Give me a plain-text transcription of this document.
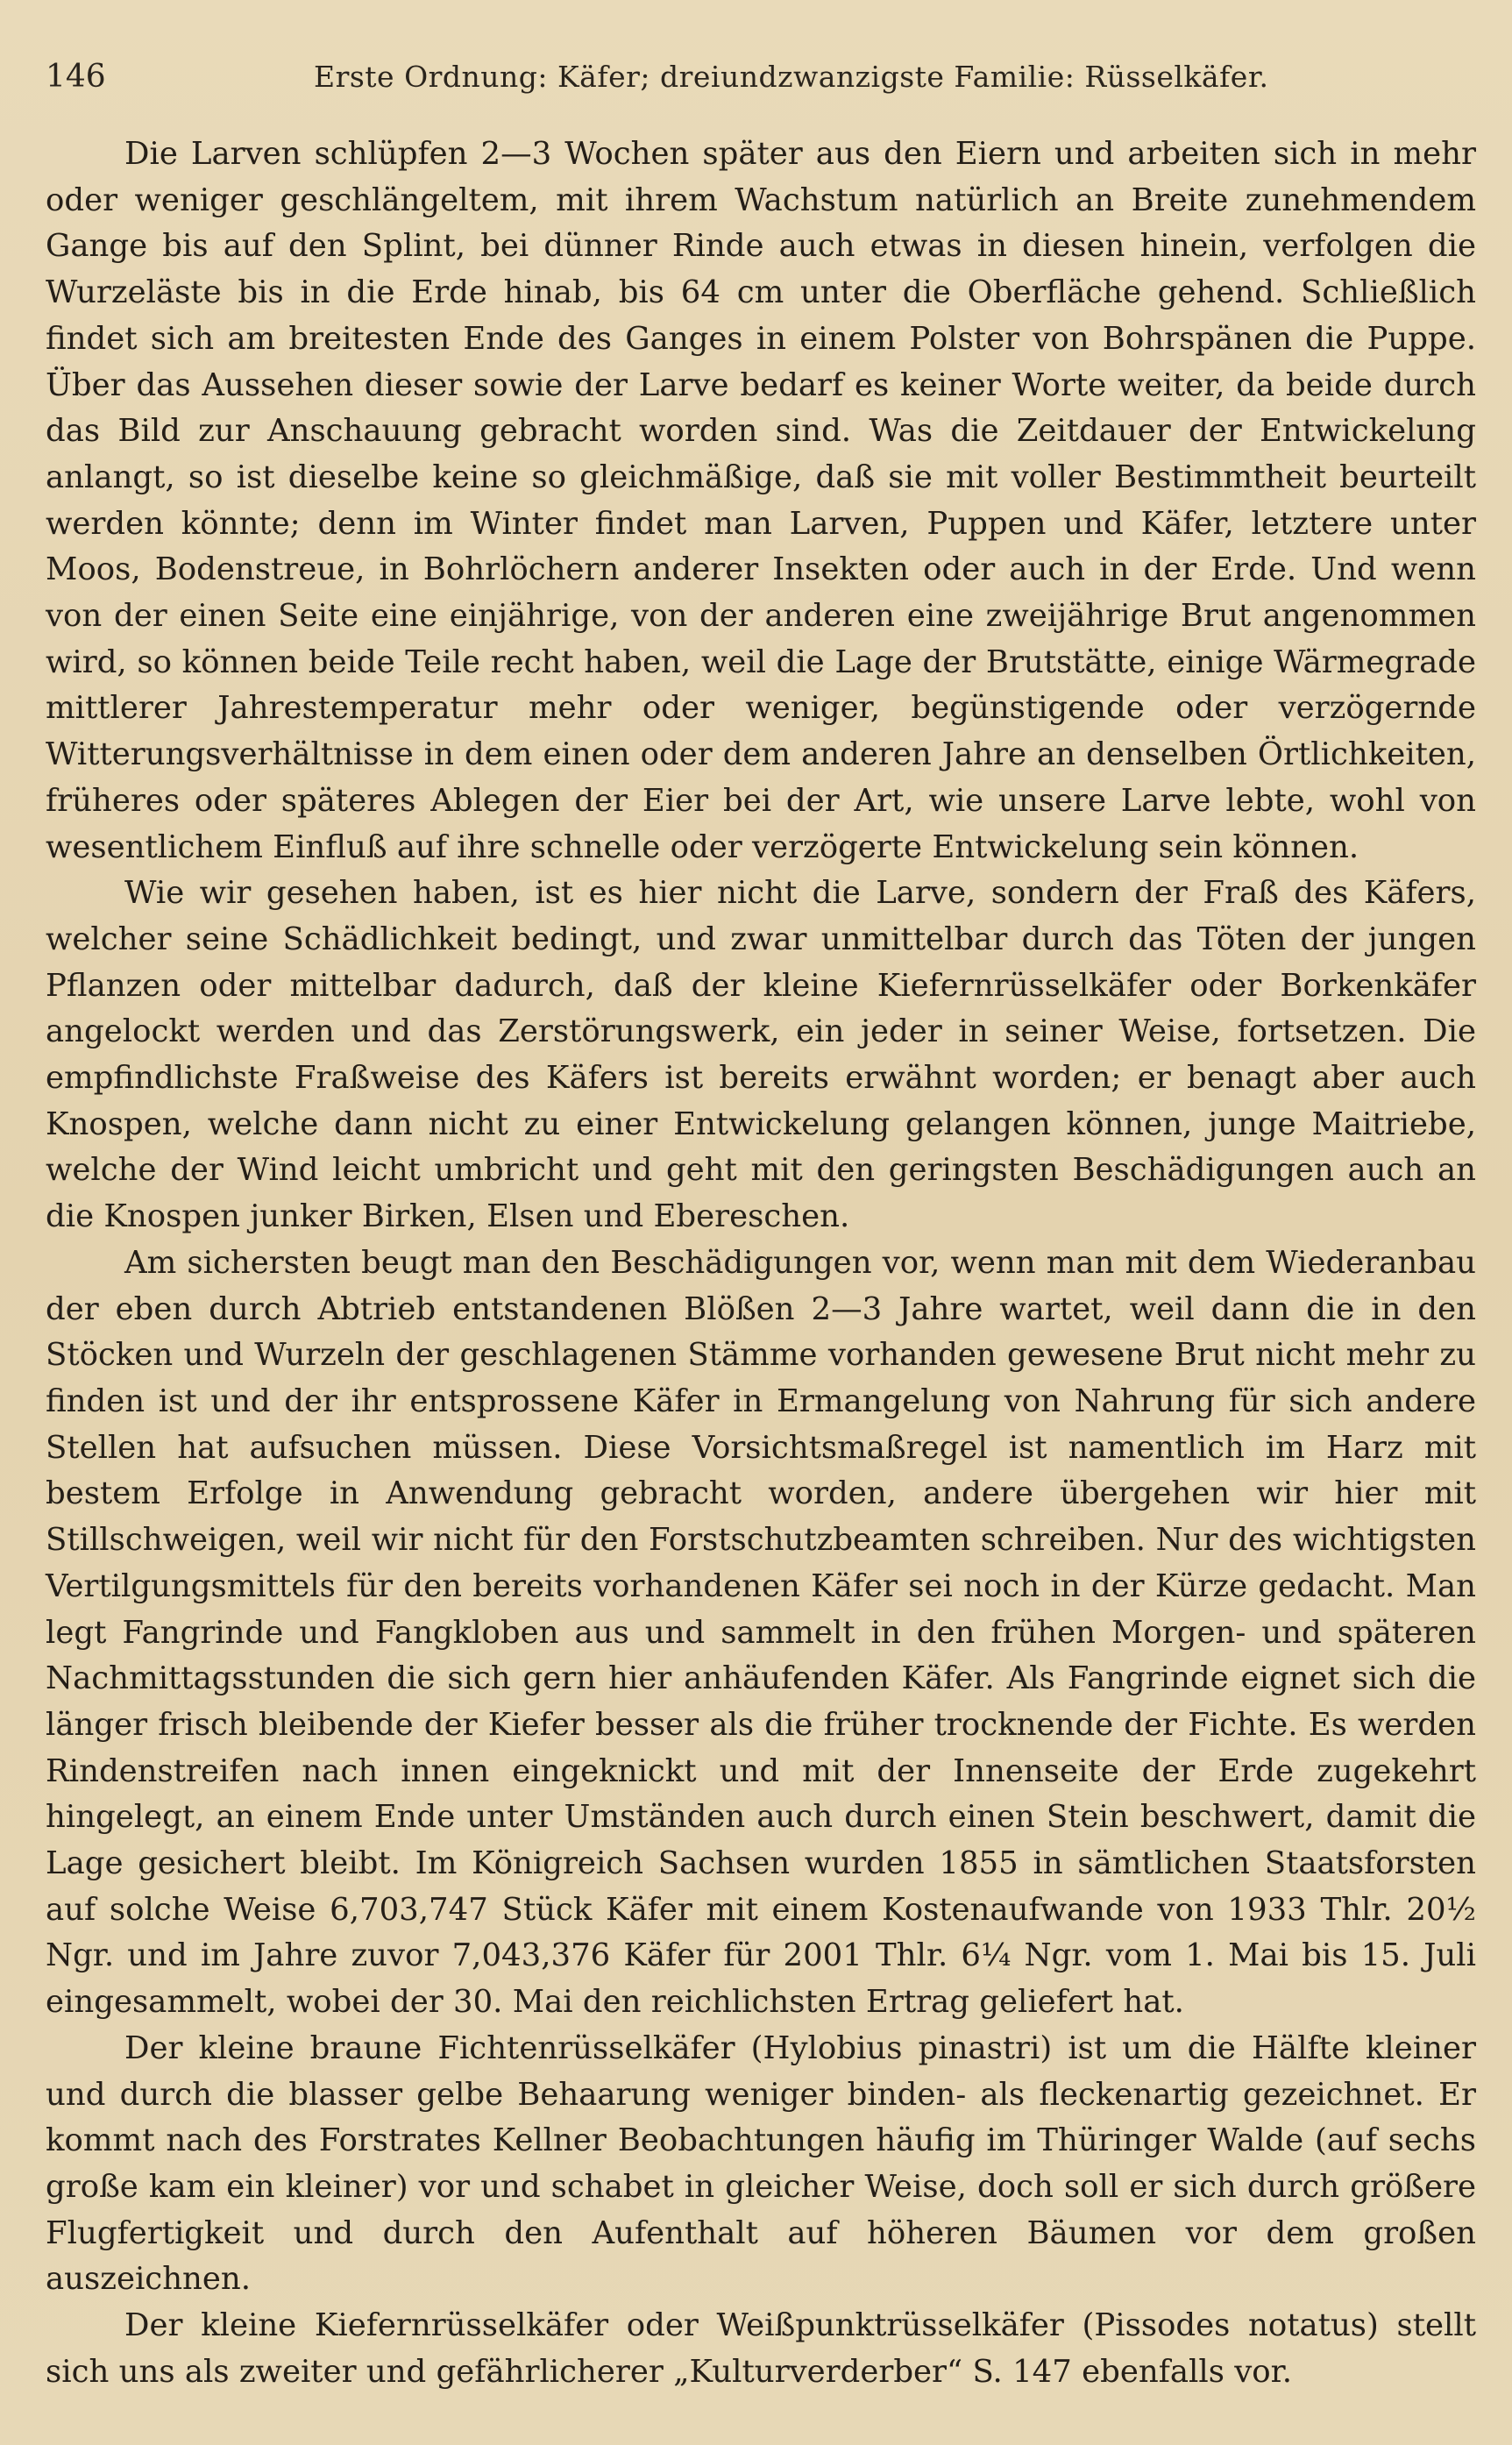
146	Erste Ordnung: Käfer; dreiundzwanzigste Familie: Rüsselkäfer.

Die Larven schlüpfen 2—3 Wochen später aus den Eiern und arbeiten sich in mehr oder weniger geschlängeltem, mit ihrem Wachstum natürlich an Breite zunehmendem Gange bis auf den Splint, bei dünner Rinde auch etwas in diesen hinein, verfolgen die Wurzeläste bis in die Erde hinab, bis 64 cm unter die Oberfläche gehend. Schließlich findet sich am breitesten Ende des Ganges in einem Polster von Bohrspänen die Puppe. Über das Aussehen dieser sowie der Larve bedarf es keiner Worte weiter, da beide durch das Bild zur Anschauung gebracht worden sind. Was die Zeitdauer der Entwickelung anlangt, so ist dieselbe keine so gleichmäßige, daß sie mit voller Bestimmtheit beurteilt werden könnte; denn im Winter findet man Larven, Puppen und Käfer, letztere unter Moos, Bodenstreue, in Bohrlöchern anderer Insekten oder auch in der Erde. Und wenn von der einen Seite eine einjährige, von der anderen eine zweijährige Brut angenommen wird, so können beide Teile recht haben, weil die Lage der Brutstätte, einige Wärmegrade mittlerer Jahrestemperatur mehr oder weniger, begünstigende oder verzögernde Witterungsverhältnisse in dem einen oder dem anderen Jahre an denselben Örtlichkeiten, früheres oder späteres Ablegen der Eier bei der Art, wie unsere Larve lebte, wohl von wesentlichem Einfluß auf ihre schnelle oder verzögerte Entwickelung sein können.

Wie wir gesehen haben, ist es hier nicht die Larve, sondern der Fraß des Käfers, welcher seine Schädlichkeit bedingt, und zwar unmittelbar durch das Töten der jungen Pflanzen oder mittelbar dadurch, daß der kleine Kiefernrüsselkäfer oder Borkenkäfer angelockt werden und das Zerstörungswerk, ein jeder in seiner Weise, fortsetzen. Die empfindlichste Fraßweise des Käfers ist bereits erwähnt worden; er benagt aber auch Knospen, welche dann nicht zu einer Entwickelung gelangen können, junge Maitriebe, welche der Wind leicht umbricht und geht mit den geringsten Beschädigungen auch an die Knospen junker Birken, Elsen und Ebereschen.

Am sichersten beugt man den Beschädigungen vor, wenn man mit dem Wiederanbau der eben durch Abtrieb entstandenen Blößen 2—3 Jahre wartet, weil dann die in den Stöcken und Wurzeln der geschlagenen Stämme vorhanden gewesene Brut nicht mehr zu finden ist und der ihr entsprossene Käfer in Ermangelung von Nahrung für sich andere Stellen hat aufsuchen müssen. Diese Vorsichtsmaßregel ist namentlich im Harz mit bestem Erfolge in Anwendung gebracht worden, andere übergehen wir hier mit Stillschweigen, weil wir nicht für den Forstschutzbeamten schreiben. Nur des wichtigsten Vertilgungsmittels für den bereits vorhandenen Käfer sei noch in der Kürze gedacht. Man legt Fangrinde und Fangkloben aus und sammelt in den frühen Morgen- und späteren Nachmittagsstunden die sich gern hier anhäufenden Käfer. Als Fangrinde eignet sich die länger frisch bleibende der Kiefer besser als die früher trocknende der Fichte. Es werden Rindenstreifen nach innen eingeknickt und mit der Innenseite der Erde zugekehrt hingelegt, an einem Ende unter Umständen auch durch einen Stein beschwert, damit die Lage gesichert bleibt. Im Königreich Sachsen wurden 1855 in sämtlichen Staatsforsten auf solche Weise 6,703,747 Stück Käfer mit einem Kostenaufwande von 1933 Thlr. 20½ Ngr. und im Jahre zuvor 7,043,376 Käfer für 2001 Thlr. 6¼ Ngr. vom 1. Mai bis 15. Juli eingesammelt, wobei der 30. Mai den reichlichsten Ertrag geliefert hat.

Der kleine braune Fichtenrüsselkäfer (Hylobius pinastri) ist um die Hälfte kleiner und durch die blasser gelbe Behaarung weniger binden- als fleckenartig gezeichnet. Er kommt nach des Forstrates Kellner Beobachtungen häufig im Thüringer Walde (auf sechs große kam ein kleiner) vor und schabet in gleicher Weise, doch soll er sich durch größere Flugfertigkeit und durch den Aufenthalt auf höheren Bäumen vor dem großen auszeichnen.

Der kleine Kiefernrüsselkäfer oder Weißpunktrüsselkäfer (Pissodes notatus) stellt sich uns als zweiter und gefährlicherer „Kulturverderber“ S. 147 ebenfalls vor.
